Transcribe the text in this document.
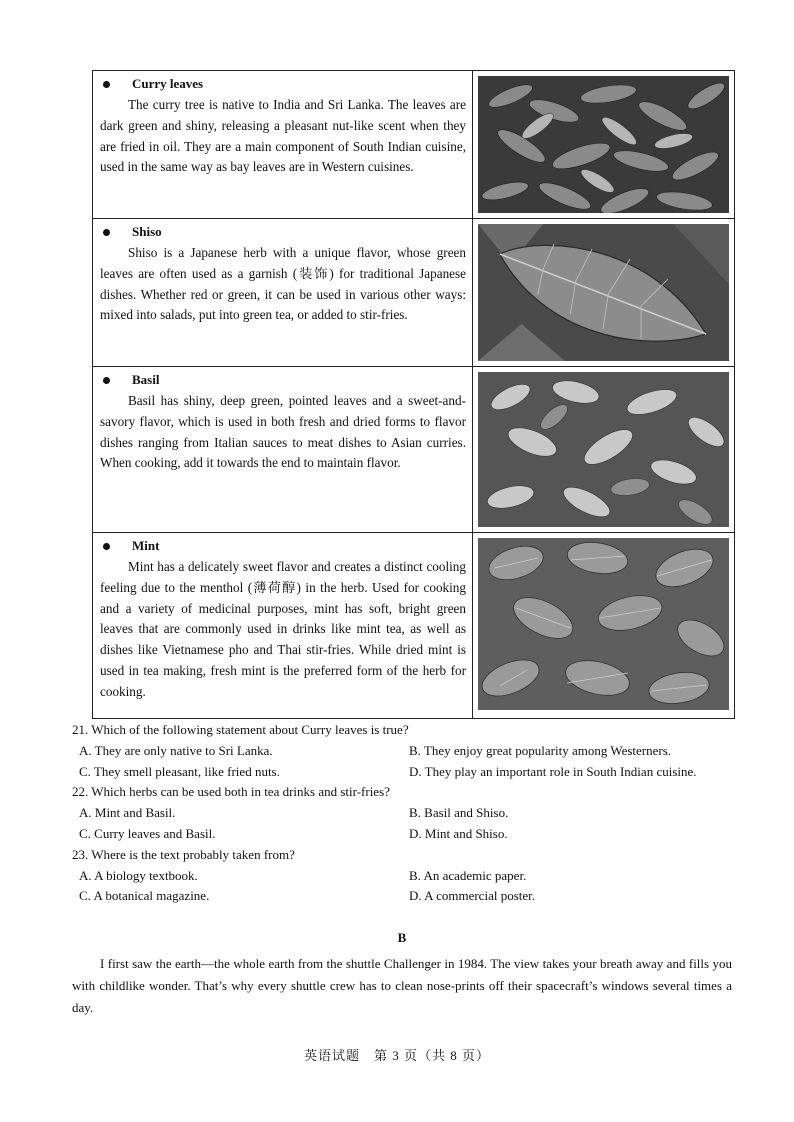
Curry leaves

The curry tree is native to India and Sri Lanka. The leaves are dark green and shiny, releasing a pleasant nut-like scent when they are fried in oil. They are a main component of South Indian cuisine, used in the same way as bay leaves are in Western cuisines.

Shiso

Shiso is a Japanese herb with a unique flavor, whose green leaves are often used as a garnish (装饰) for traditional Japanese dishes. Whether red or green, it can be used in various other ways: mixed into salads, put into green tea, or added to stir-fries.

Basil

Basil has shiny, deep green, pointed leaves and a sweet-and-savory flavor, which is used in both fresh and dried forms to flavor dishes ranging from Italian sauces to meat dishes to Asian curries. When cooking, add it towards the end to maintain flavor.

Mint

Mint has a delicately sweet flavor and creates a distinct cooling feeling due to the menthol (薄荷醇) in the herb. Used for cooking and a variety of medicinal purposes, mint has soft, bright green leaves that are commonly used in drinks like mint tea, as well as dishes like Vietnamese pho and Thai stir-fries. While dried mint is used in tea making, fresh mint is the preferred form of the herb for cooking.

21. Which of the following statement about Curry leaves is true?

A. They are only native to Sri Lanka.	B. They enjoy great popularity among Westerners.
C. They smell pleasant, like fried nuts.	D. They play an important role in South Indian cuisine.

22. Which herbs can be used both in tea drinks and stir-fries?

A. Mint and Basil.	B. Basil and Shiso.
C. Curry leaves and Basil.	D. Mint and Shiso.

23. Where is the text probably taken from?

A. A biology textbook.	B. An academic paper.
C. A botanical magazine.	D. A commercial poster.

B

I first saw the earth—the whole earth from the shuttle Challenger in 1984. The view takes your breath away and fills you with childlike wonder. That’s why every shuttle crew has to clean nose-prints off their spacecraft’s windows several times a day.

英语试题　第 3 页（共 8 页）
